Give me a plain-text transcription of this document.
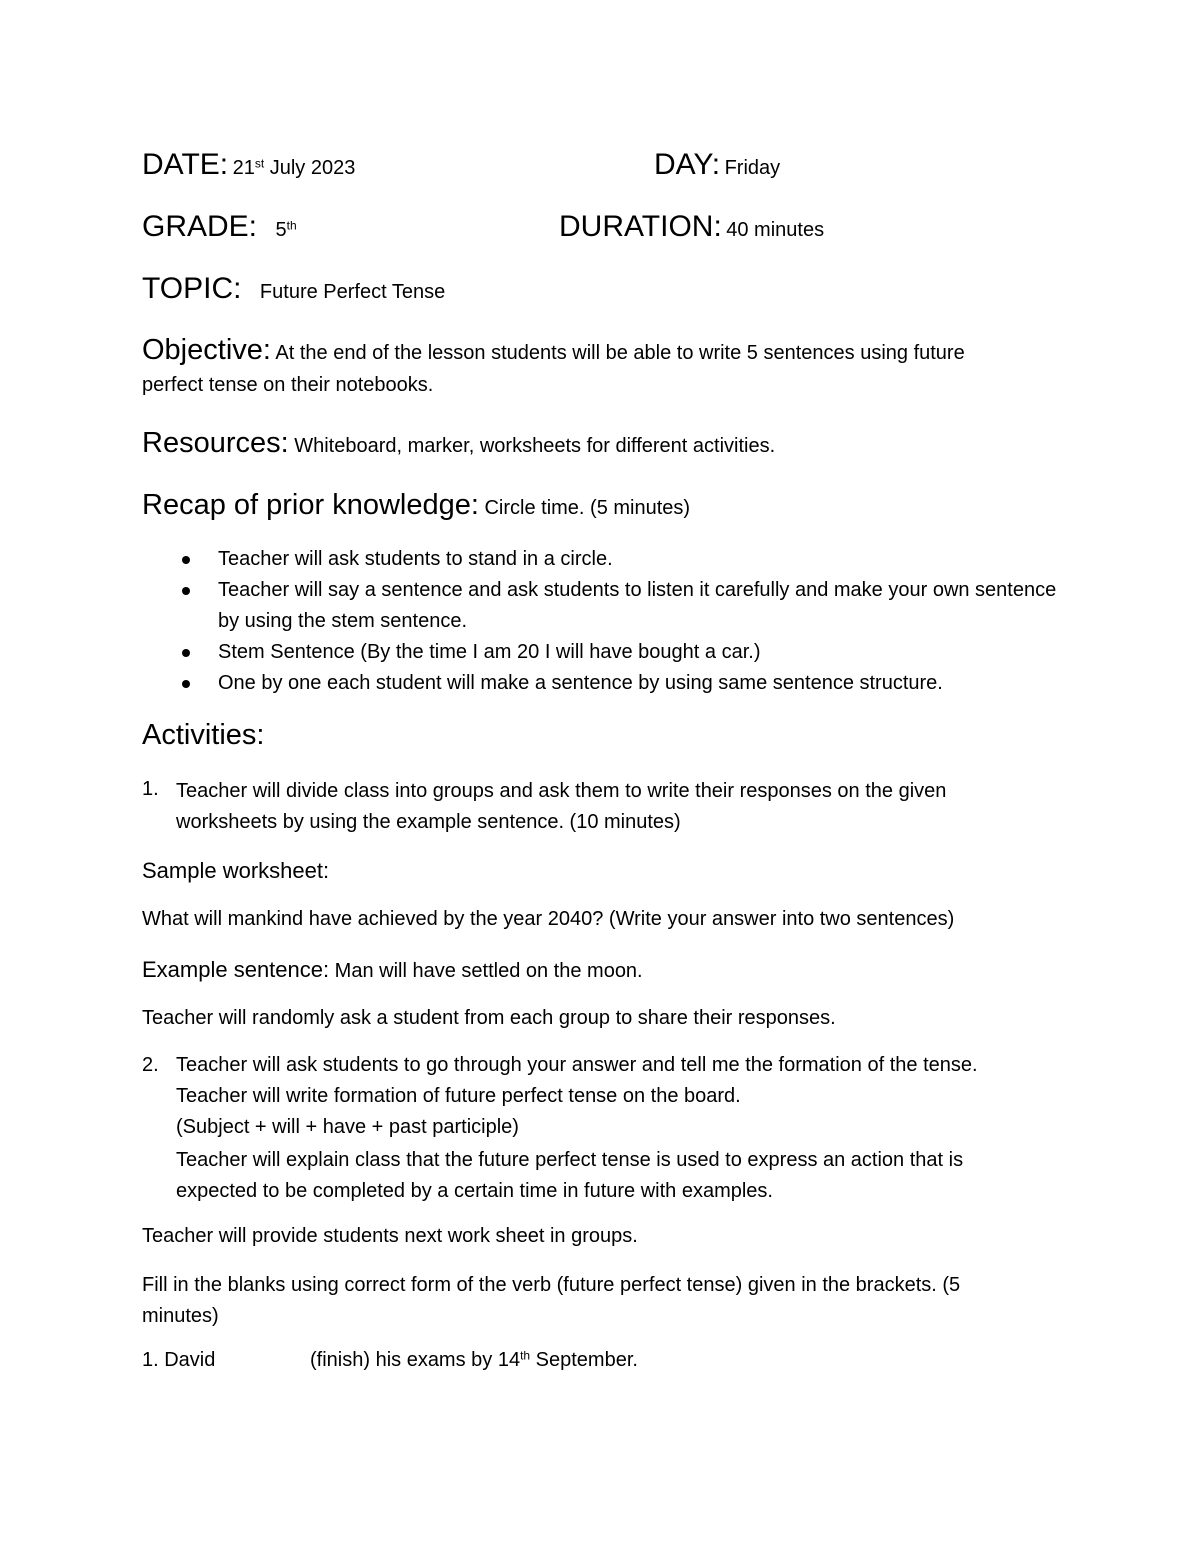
DATE: 21st July 2023	DAY: Friday
GRADE: 5th	DURATION: 40 minutes
TOPIC: Future Perfect Tense
Objective: At the end of the lesson students will be able to write 5 sentences using future
perfect tense on their notebooks.
Resources: Whiteboard, marker, worksheets for different activities.
Recap of prior knowledge: Circle time. (5 minutes)
Teacher will ask students to stand in a circle.
Teacher will say a sentence and ask students to listen it carefully and make your own sentence by using the stem sentence.
Stem Sentence (By the time I am 20 I will have bought a car.)
One by one each student will make a sentence by using same sentence structure.
Activities:
1. Teacher will divide class into groups and ask them to write their responses on the given worksheets by using the example sentence. (10 minutes)
Sample worksheet:
What will mankind have achieved by the year 2040? (Write your answer into two sentences)
Example sentence: Man will have settled on the moon.
Teacher will randomly ask a student from each group to share their responses.
2. Teacher will ask students to go through your answer and tell me the formation of the tense.
Teacher will write formation of future perfect tense on the board.
(Subject + will + have + past participle)
Teacher will explain class that the future perfect tense is used to express an action that is expected to be completed by a certain time in future with examples.
Teacher will provide students next work sheet in groups.
Fill in the blanks using correct form of the verb (future perfect tense) given in the brackets. (5 minutes)
1. David	(finish) his exams by 14th September.
